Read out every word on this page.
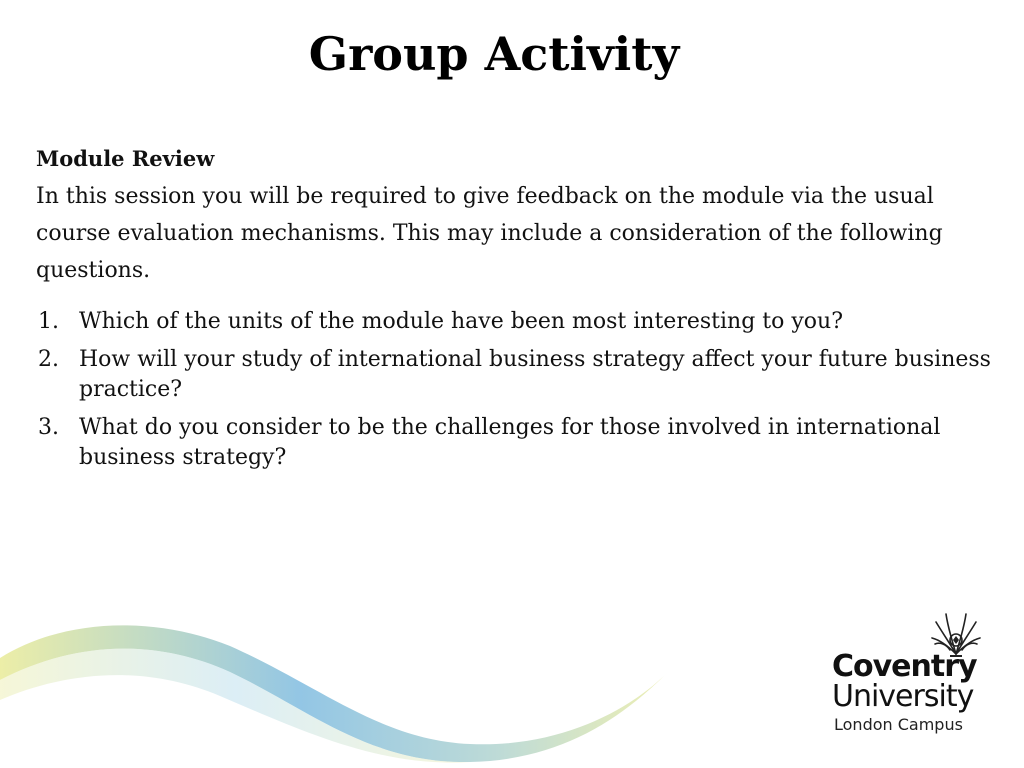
Group Activity

Module Review

In this session you will be required to give feedback on the module via the usual course evaluation mechanisms. This may include a consideration of the following questions.

1. Which of the units of the module have been most interesting to you?
2. How will your study of international business strategy affect your future business practice?
3. What do you consider to be the challenges for those involved in international business strategy?
Coventry
University
London Campus
